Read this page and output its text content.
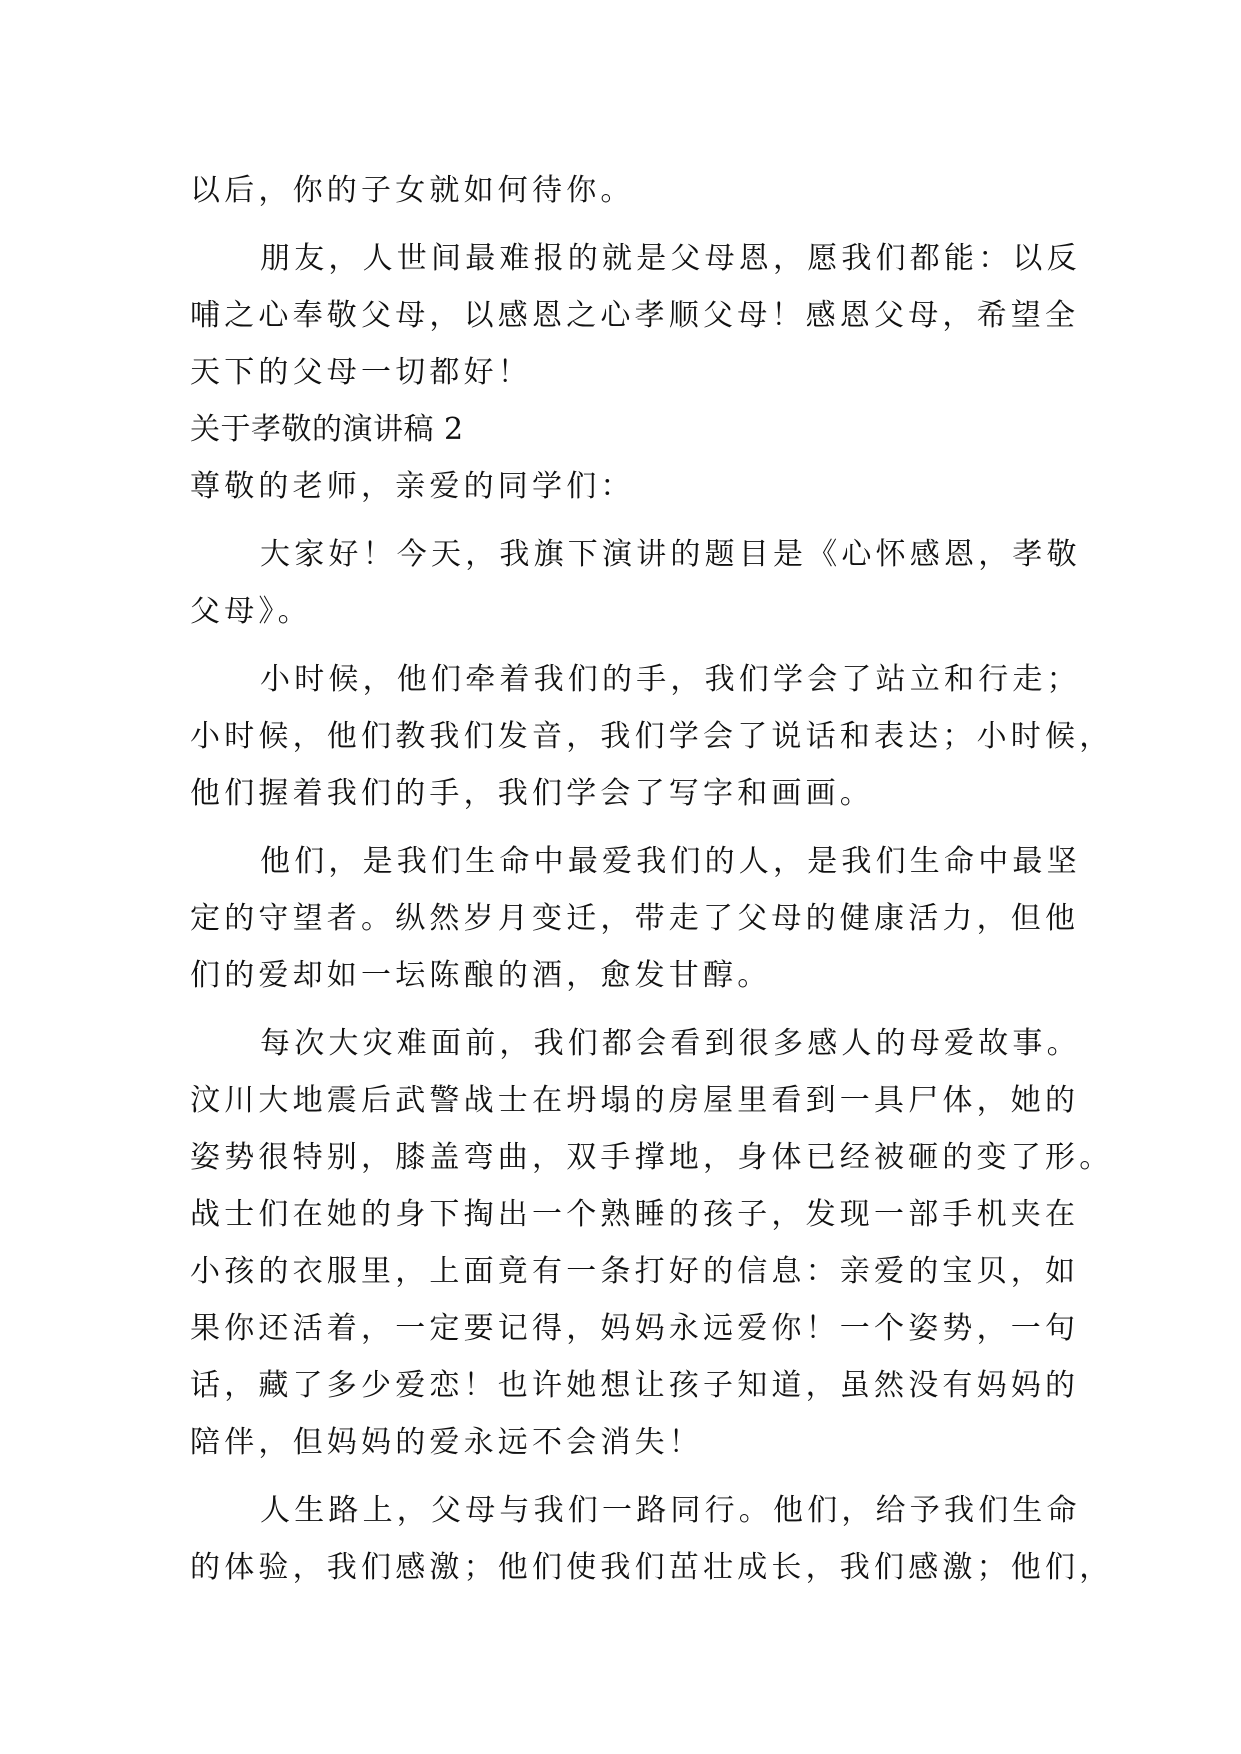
以后，你的子女就如何待你。

朋友，人世间最难报的就是父母恩，愿我们都能：以反

哺之心奉敬父母，以感恩之心孝顺父母！感恩父母，希望全

天下的父母一切都好！

关于孝敬的演讲稿 2

尊敬的老师，亲爱的同学们：

大家好！今天，我旗下演讲的题目是《心怀感恩，孝敬

父母》。

小时候，他们牵着我们的手，我们学会了站立和行走；

小时候，他们教我们发音，我们学会了说话和表达；小时候，

他们握着我们的手，我们学会了写字和画画。

他们，是我们生命中最爱我们的人，是我们生命中最坚

定的守望者。纵然岁月变迁，带走了父母的健康活力，但他

们的爱却如一坛陈酿的酒，愈发甘醇。

每次大灾难面前，我们都会看到很多感人的母爱故事。

汶川大地震后武警战士在坍塌的房屋里看到一具尸体，她的

姿势很特别，膝盖弯曲，双手撑地，身体已经被砸的变了形。

战士们在她的身下掏出一个熟睡的孩子，发现一部手机夹在

小孩的衣服里，上面竟有一条打好的信息：亲爱的宝贝，如

果你还活着，一定要记得，妈妈永远爱你！一个姿势，一句

话，藏了多少爱恋！也许她想让孩子知道，虽然没有妈妈的

陪伴，但妈妈的爱永远不会消失！

人生路上，父母与我们一路同行。他们，给予我们生命

的体验，我们感激；他们使我们茁壮成长，我们感激；他们，
